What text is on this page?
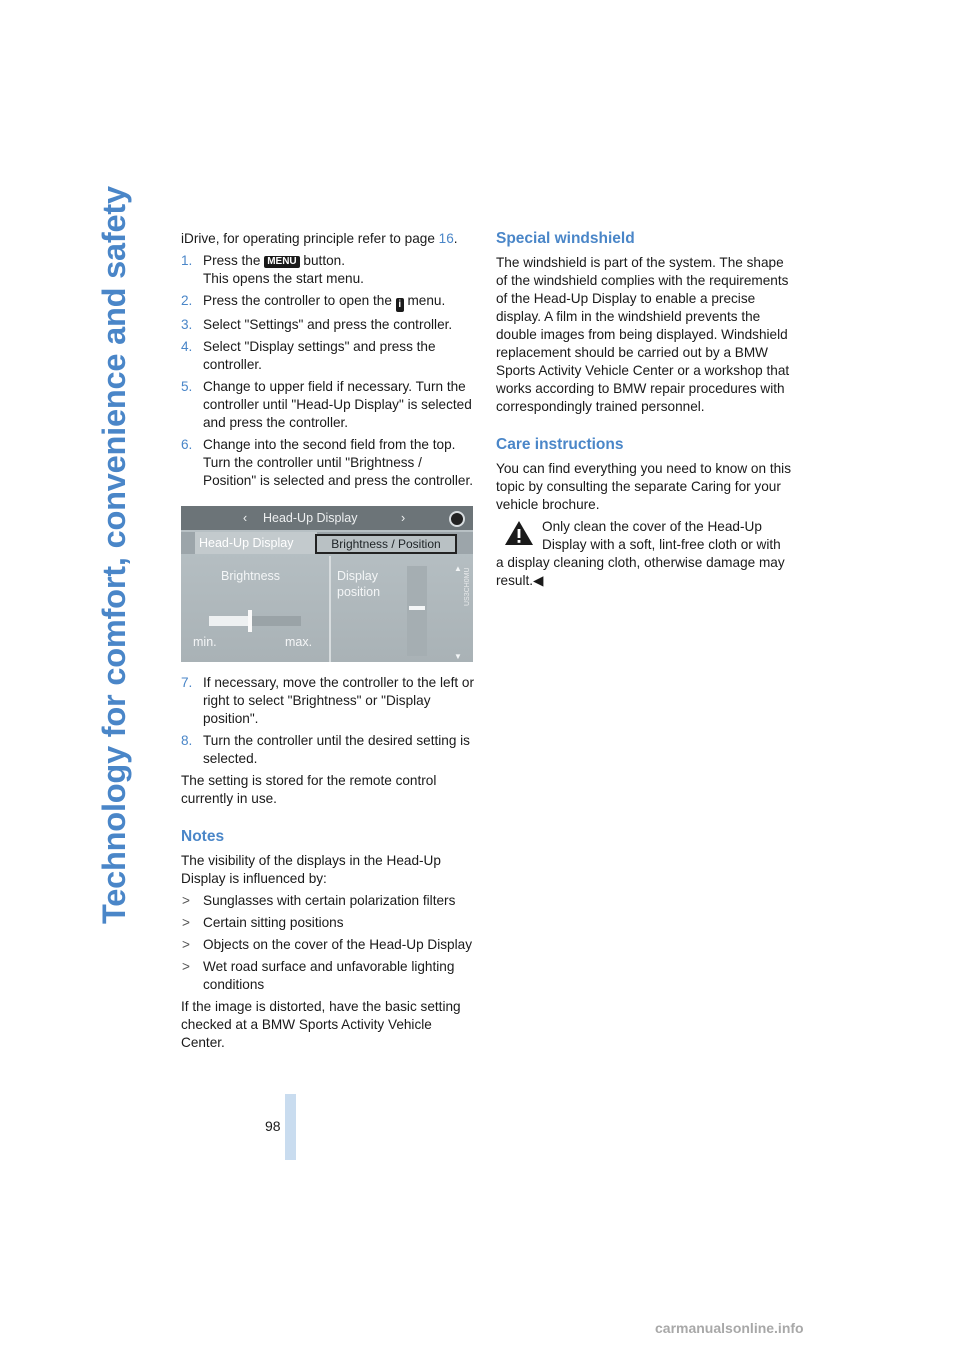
Technology for comfort, convenience and safety
98

iDrive, for operating principle refer to page 16.

1. Press the MENU button.
This opens the start menu.
2. Press the controller to open the i menu.
3. Select "Settings" and press the controller.
4. Select "Display settings" and press the controller.
5. Change to upper field if necessary. Turn the controller until "Head-Up Display" is selected and press the controller.
6. Change into the second field from the top. Turn the controller until "Brightness / Position" is selected and press the controller.
‹ Head-Up Display	›
Head-Up Display	Brightness / Position
Brightness
min.	max.
Display
position
▲
▼
US3CH0MU
7. If necessary, move the controller to the left or right to select "Brightness" or "Display position".
8. Turn the controller until the desired setting is selected.

The setting is stored for the remote control currently in use.

Notes

The visibility of the displays in the Head-Up Display is influenced by:

> Sunglasses with certain polarization filters
> Certain sitting positions
> Objects on the cover of the Head-Up Display
> Wet road surface and unfavorable lighting conditions

If the image is distorted, have the basic setting checked at a BMW Sports Activity Vehicle Center.

Special windshield

The windshield is part of the system. The shape of the windshield complies with the requirements of the Head-Up Display to enable a precise display. A film in the windshield prevents the double images from being displayed. Windshield replacement should be carried out by a BMW Sports Activity Vehicle Center or a workshop that works according to BMW repair procedures with correspondingly trained personnel.

Care instructions

You can find everything you need to know on this topic by consulting the separate Caring for your vehicle brochure.

Only clean the cover of the Head-Up Display with a soft, lint-free cloth or with a display cleaning cloth, otherwise damage may result.◀
carmanualsonline.info
